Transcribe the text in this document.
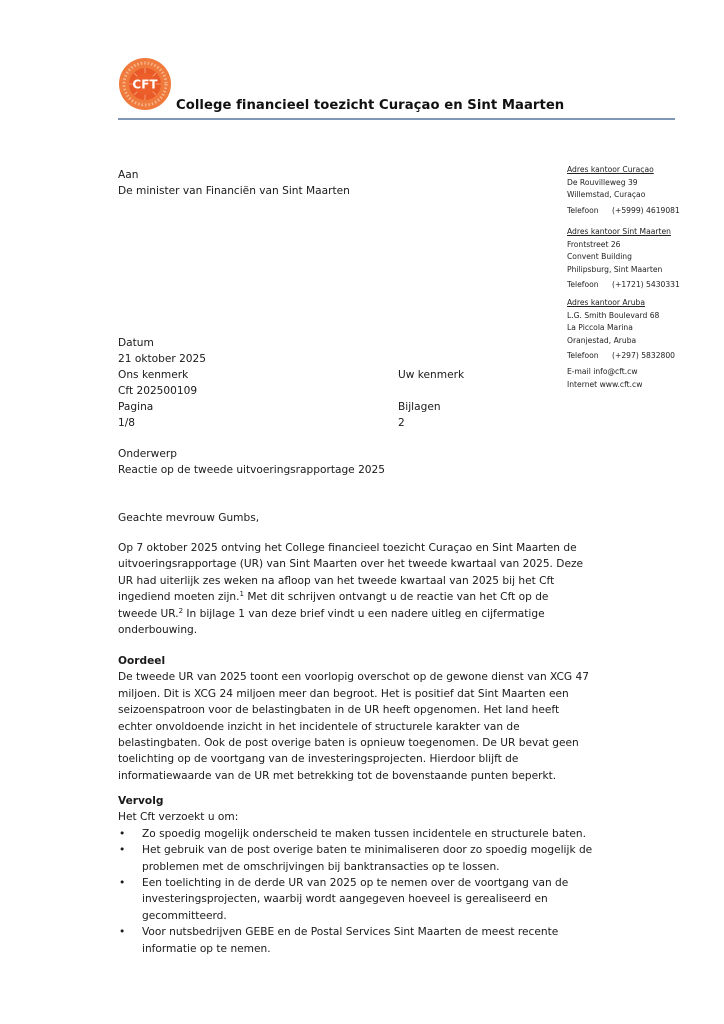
CFT
College financieel toezicht Curaçao en Sint Maarten
Aan
De minister van Financiën van Sint Maarten
Adres kantoor Curaçao
De Rouvilleweg 39
Willemstad, Curaçao
Telefoon	(+5999) 4619081
Adres kantoor Sint Maarten
Frontstreet 26
Convent Building
Philipsburg, Sint Maarten
Telefoon	(+1721) 5430331
Adres kantoor Aruba
L.G. Smith Boulevard 68
La Piccola Marina
Oranjestad, Aruba
Telefoon	(+297) 5832800
E-mail info@cft.cw
Internet www.cft.cw
Datum
21 oktober 2025
Ons kenmerk	Uw kenmerk
Cft 202500109
Pagina	Bijlagen
1/8	2
Onderwerp
Reactie op de tweede uitvoeringsrapportage 2025
Geachte mevrouw Gumbs,
Op 7 oktober 2025 ontving het College financieel toezicht Curaçao en Sint Maarten de
uitvoeringsrapportage (UR) van Sint Maarten over het tweede kwartaal van 2025. Deze
UR had uiterlijk zes weken na afloop van het tweede kwartaal van 2025 bij het Cft
ingediend moeten zijn.$^1$ Met dit schrijven ontvangt u de reactie van het Cft op de
tweede UR.$^2$ In bijlage 1 van deze brief vindt u een nadere uitleg en cijfermatige
onderbouwing.
Oordeel
De tweede UR van 2025 toont een voorlopig overschot op de gewone dienst van XCG 47
miljoen. Dit is XCG 24 miljoen meer dan begroot. Het is positief dat Sint Maarten een
seizoenspatroon voor de belastingbaten in de UR heeft opgenomen. Het land heeft
echter onvoldoende inzicht in het incidentele of structurele karakter van de
belastingbaten. Ook de post overige baten is opnieuw toegenomen. De UR bevat geen
toelichting op de voortgang van de investeringsprojecten. Hierdoor blijft de
informatiewaarde van de UR met betrekking tot de bovenstaande punten beperkt.
Vervolg
Het Cft verzoekt u om:
• Zo spoedig mogelijk onderscheid te maken tussen incidentele en structurele baten.
• Het gebruik van de post overige baten te minimaliseren door zo spoedig mogelijk de
problemen met de omschrijvingen bij banktransacties op te lossen.
• Een toelichting in de derde UR van 2025 op te nemen over de voortgang van de
investeringsprojecten, waarbij wordt aangegeven hoeveel is gerealiseerd en
gecommitteerd.
• Voor nutsbedrijven GEBE en de Postal Services Sint Maarten de meest recente
informatie op te nemen.
